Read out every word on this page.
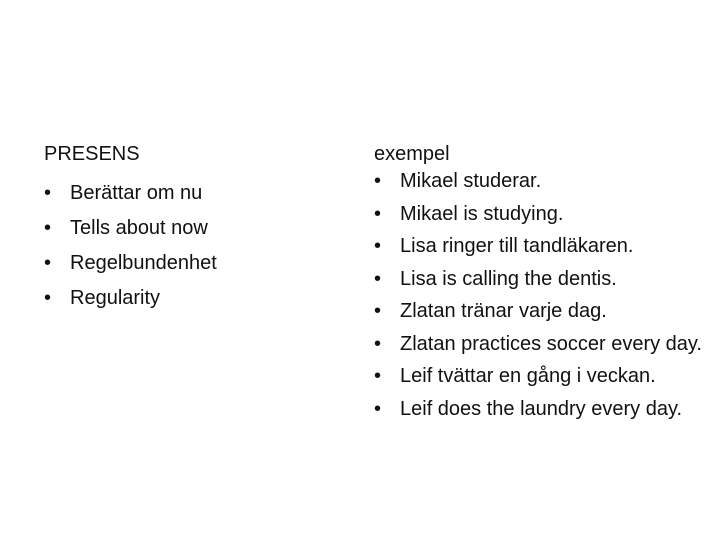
PRESENS
• Berättar om nu
• Tells about now
• Regelbundenhet
• Regularity
exempel
• Mikael studerar.
• Mikael is studying.
• Lisa ringer till tandläkaren.
• Lisa is calling the dentis.
• Zlatan tränar varje dag.
• Zlatan practices soccer every day.
• Leif tvättar en gång i veckan.
• Leif does the laundry every day.
